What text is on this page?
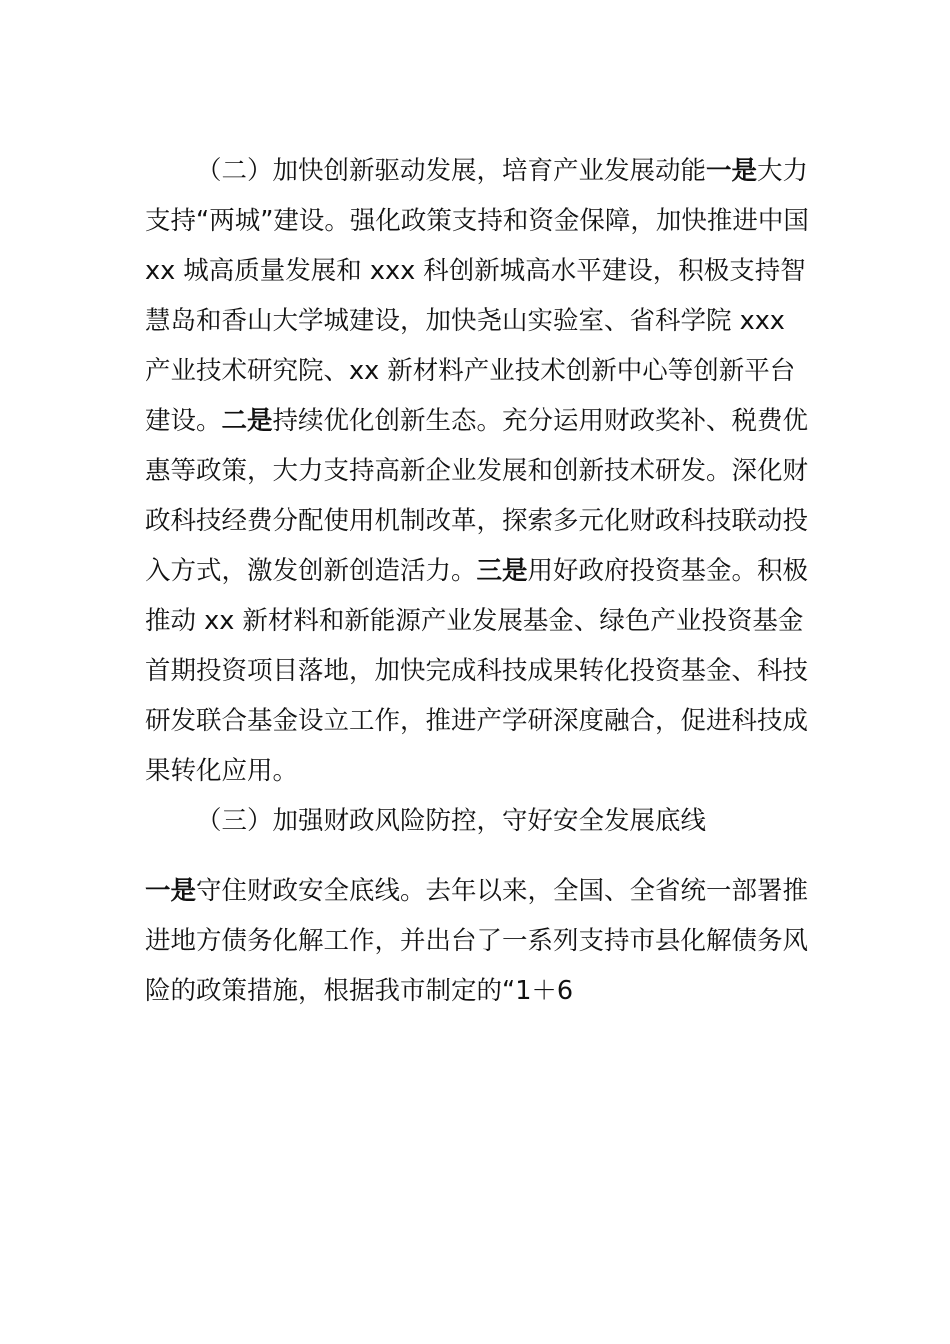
（二）加快创新驱动发展，培育产业发展动能一是大力支持“两城”建设。强化政策支持和资金保障，加快推进中国 xx 城高质量发展和 xxx 科创新城高水平建设，积极支持智慧岛和香山大学城建设，加快尧山实验室、省科学院 xxx 产业技术研究院、xx 新材料产业技术创新中心等创新平台建设。二是持续优化创新生态。充分运用财政奖补、税费优惠等政策，大力支持高新企业发展和创新技术研发。深化财政科技经费分配使用机制改革，探索多元化财政科技联动投入方式，激发创新创造活力。三是用好政府投资基金。积极推动 xx 新材料和新能源产业发展基金、绿色产业投资基金首期投资项目落地，加快完成科技成果转化投资基金、科技研发联合基金设立工作，推进产学研深度融合，促进科技成果转化应用。

（三）加强财政风险防控，守好安全发展底线

一是守住财政安全底线。去年以来，全国、全省统一部署推进地方债务化解工作，并出台了一系列支持市县化解债务风险的政策措施，根据我市制定的“1＋6
